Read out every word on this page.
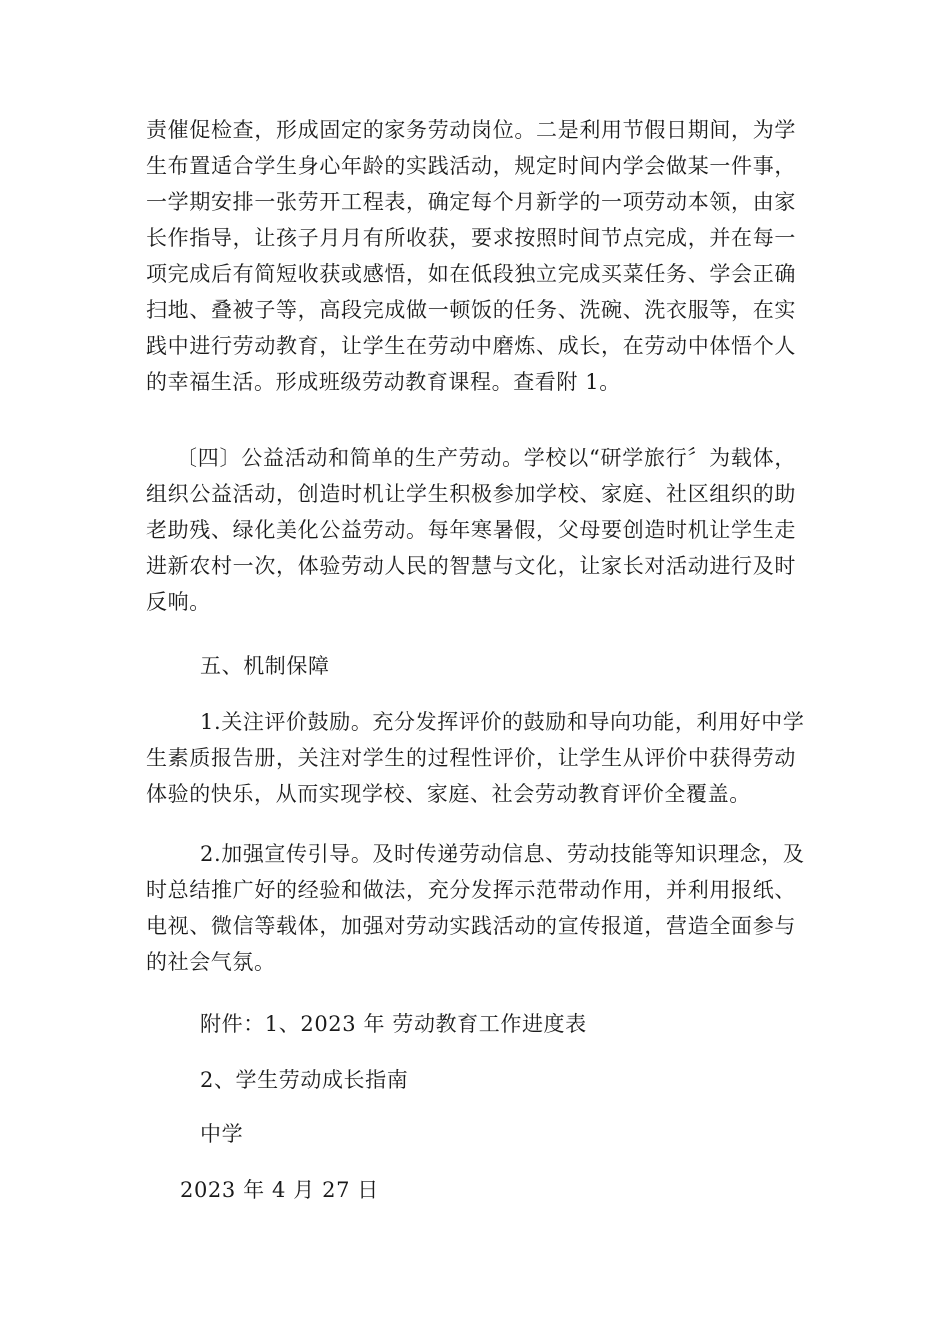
责催促检查，形成固定的家务劳动岗位。二是利用节假日期间，为学
生布置适合学生身心年龄的实践活动，规定时间内学会做某一件事，
一学期安排一张劳开工程表，确定每个月新学的一项劳动本领，由家
长作指导，让孩子月月有所收获，要求按照时间节点完成，并在每一
项完成后有简短收获或感悟，如在低段独立完成买菜任务、学会正确
扫地、叠被子等，高段完成做一顿饭的任务、洗碗、洗衣服等，在实
践中进行劳动教育，让学生在劳动中磨炼、成长，在劳动中体悟个人
的幸福生活。形成班级劳动教育课程。查看附 1。
〔四〕公益活动和简单的生产劳动。学校以“研学旅行〞为载体，
组织公益活动，创造时机让学生积极参加学校、家庭、社区组织的助
老助残、绿化美化公益劳动。每年寒暑假，父母要创造时机让学生走
进新农村一次，体验劳动人民的智慧与文化，让家长对活动进行及时
反响。
五、机制保障
1.关注评价鼓励。充分发挥评价的鼓励和导向功能，利用好中学
生素质报告册，关注对学生的过程性评价，让学生从评价中获得劳动
体验的快乐，从而实现学校、家庭、社会劳动教育评价全覆盖。
2.加强宣传引导。及时传递劳动信息、劳动技能等知识理念，及
时总结推广好的经验和做法，充分发挥示范带动作用，并利用报纸、
电视、微信等载体，加强对劳动实践活动的宣传报道，营造全面参与
的社会气氛。
附件：1、2023 年 劳动教育工作进度表
2、学生劳动成长指南
中学
2023 年 4 月 27 日
